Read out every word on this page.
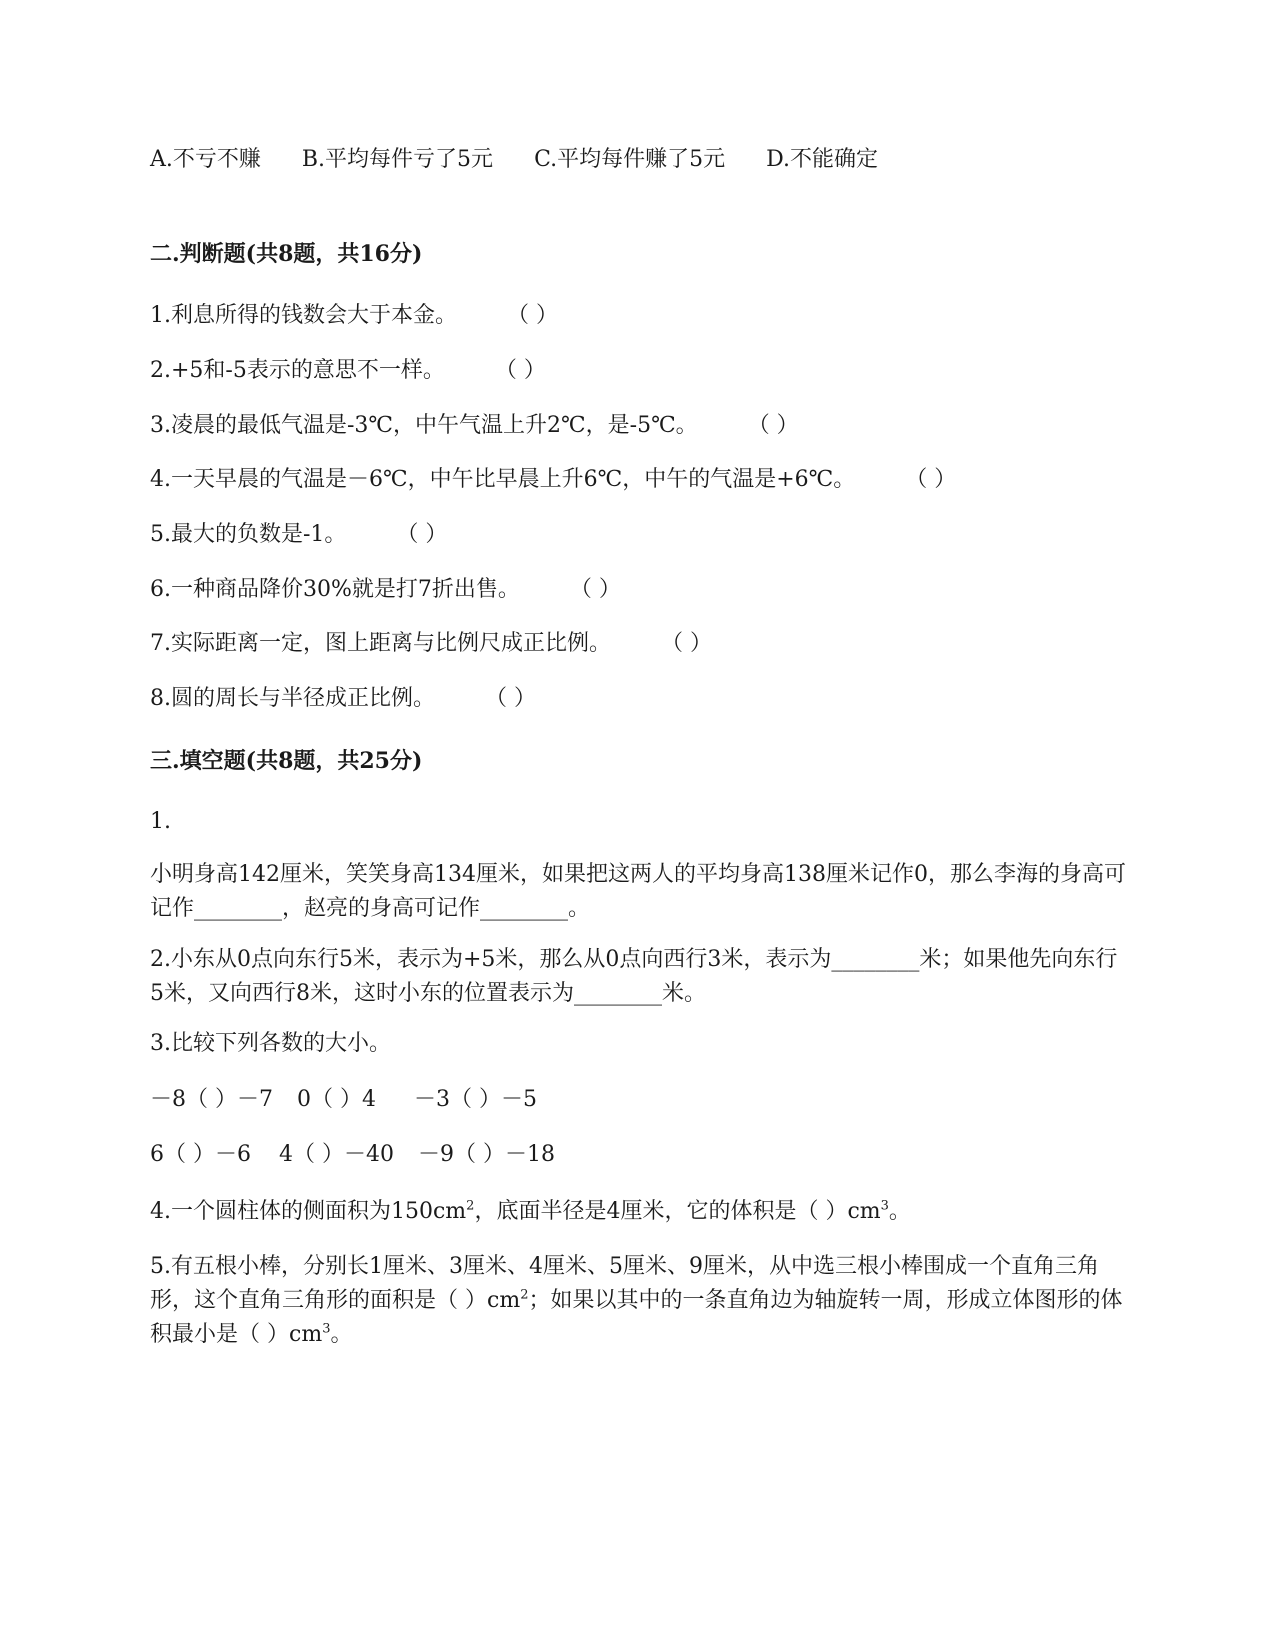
A.不亏不赚 B.平均每件亏了5元 C.平均每件赚了5元 D.不能确定
二.判断题(共8题，共16分)
1.利息所得的钱数会大于本金。 （ ）
2.+5和-5表示的意思不一样。 （ ）
3.凌晨的最低气温是-3℃，中午气温上升2℃，是-5℃。 （ ）
4.一天早晨的气温是－6℃，中午比早晨上升6℃，中午的气温是+6℃。 （ ）
5.最大的负数是-1。 （ ）
6.一种商品降价30%就是打7折出售。 （ ）
7.实际距离一定，图上距离与比例尺成正比例。 （ ）
8.圆的周长与半径成正比例。 （ ）
三.填空题(共8题，共25分)
1.
小明身高142厘米，笑笑身高134厘米，如果把这两人的平均身高138厘米记作0，那么李海的身高可记作________，赵亮的身高可记作________。
2.小东从0点向东行5米，表示为+5米，那么从0点向西行3米，表示为________米；如果他先向东行5米，又向西行8米，这时小东的位置表示为________米。
3.比较下列各数的大小。
－8（ ）－7 0（ ）4 －3（ ）－5
6（ ）－6 4（ ）－40 －9（ ）－18
4.一个圆柱体的侧面积为$150cm^2$，底面半径是4厘米，它的体积是（ ）$cm^3$。
5.有五根小棒，分别长1厘米、3厘米、4厘米、5厘米、9厘米，从中选三根小棒围成一个直角三角形，这个直角三角形的面积是（ ）$cm^2$；如果以其中的一条直角边为轴旋转一周，形成立体图形的体积最小是（ ）$cm^3$。
